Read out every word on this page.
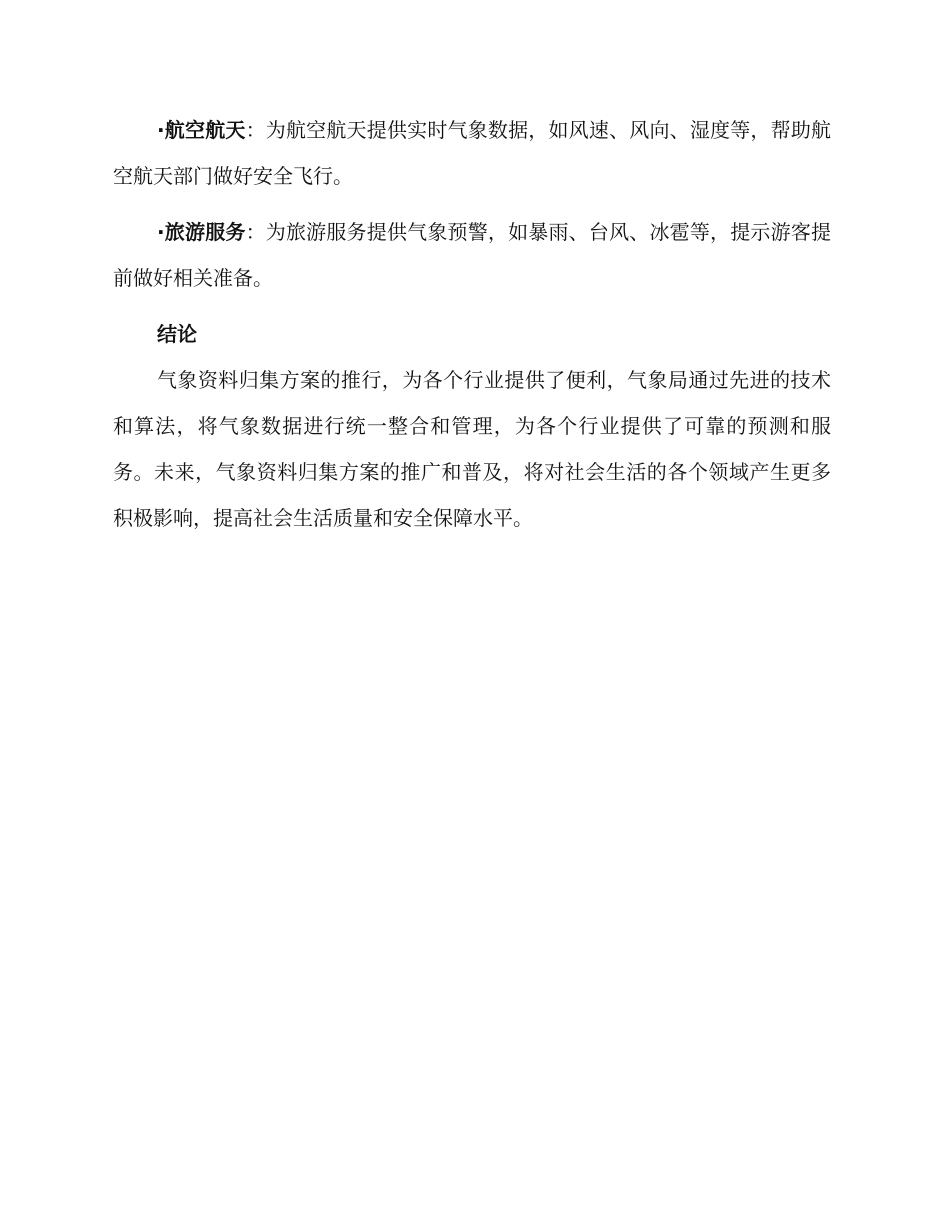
·航空航天：为航空航天提供实时气象数据，如风速、风向、湿度等，帮助航空航天部门做好安全飞行。

·旅游服务：为旅游服务提供气象预警，如暴雨、台风、冰雹等，提示游客提前做好相关准备。

结论

气象资料归集方案的推行，为各个行业提供了便利，气象局通过先进的技术和算法，将气象数据进行统一整合和管理，为各个行业提供了可靠的预测和服务。未来，气象资料归集方案的推广和普及，将对社会生活的各个领域产生更多积极影响，提高社会生活质量和安全保障水平。
